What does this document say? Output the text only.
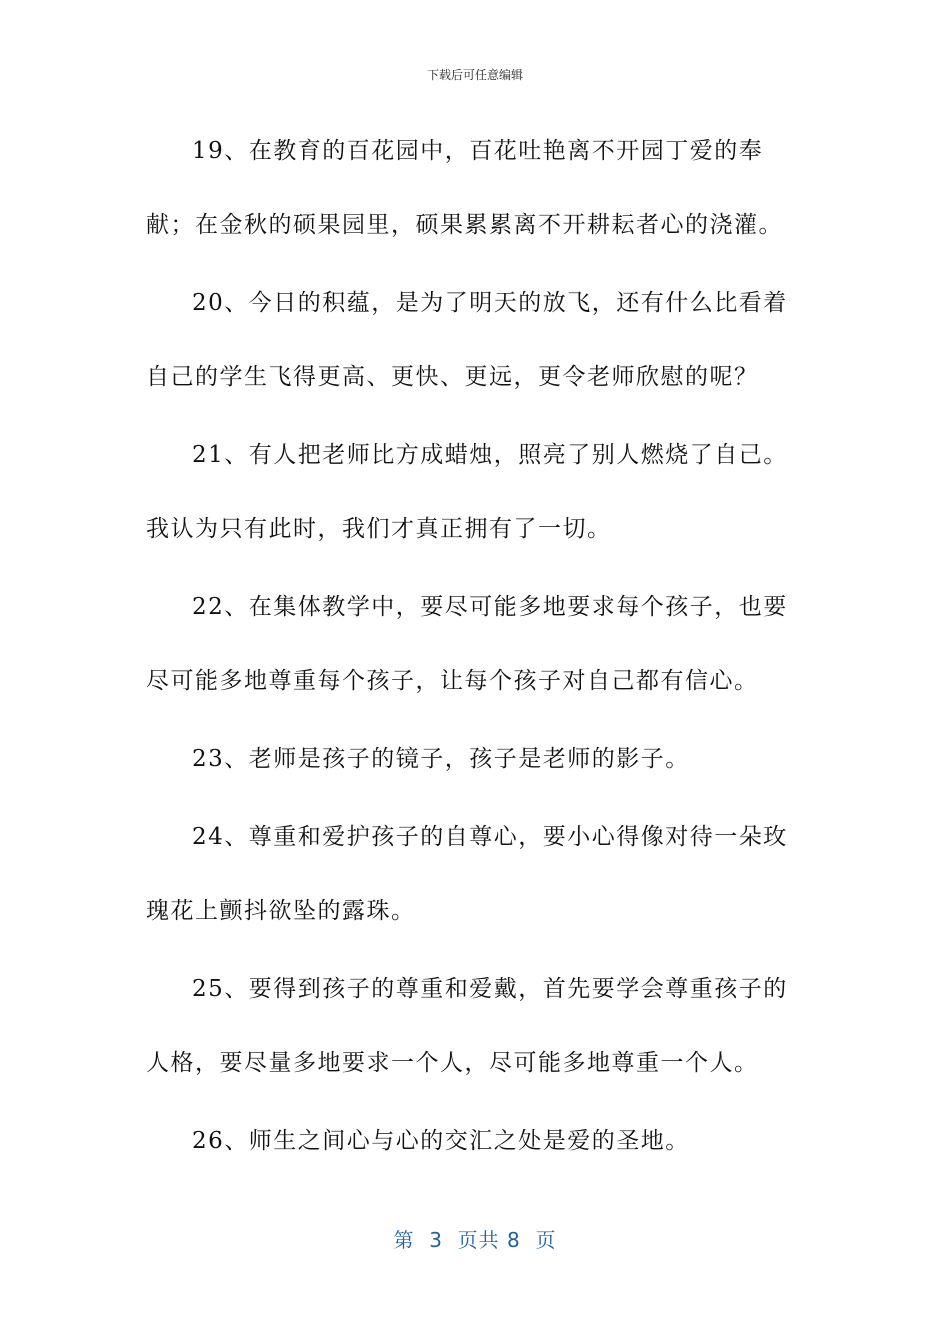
下载后可任意编辑

19、在教育的百花园中，百花吐艳离不开园丁爱的奉献；在金秋的硕果园里，硕果累累离不开耕耘者心的浇灌。

20、今日的积蕴，是为了明天的放飞，还有什么比看着自己的学生飞得更高、更快、更远，更令老师欣慰的呢？

21、有人把老师比方成蜡烛，照亮了别人燃烧了自己。我认为只有此时，我们才真正拥有了一切。

22、在集体教学中，要尽可能多地要求每个孩子，也要尽可能多地尊重每个孩子，让每个孩子对自己都有信心。

23、老师是孩子的镜子，孩子是老师的影子。

24、尊重和爱护孩子的自尊心，要小心得像对待一朵玫瑰花上颤抖欲坠的露珠。

25、要得到孩子的尊重和爱戴，首先要学会尊重孩子的人格，要尽量多地要求一个人，尽可能多地尊重一个人。

26、师生之间心与心的交汇之处是爱的圣地。

第  3  页共 8  页
